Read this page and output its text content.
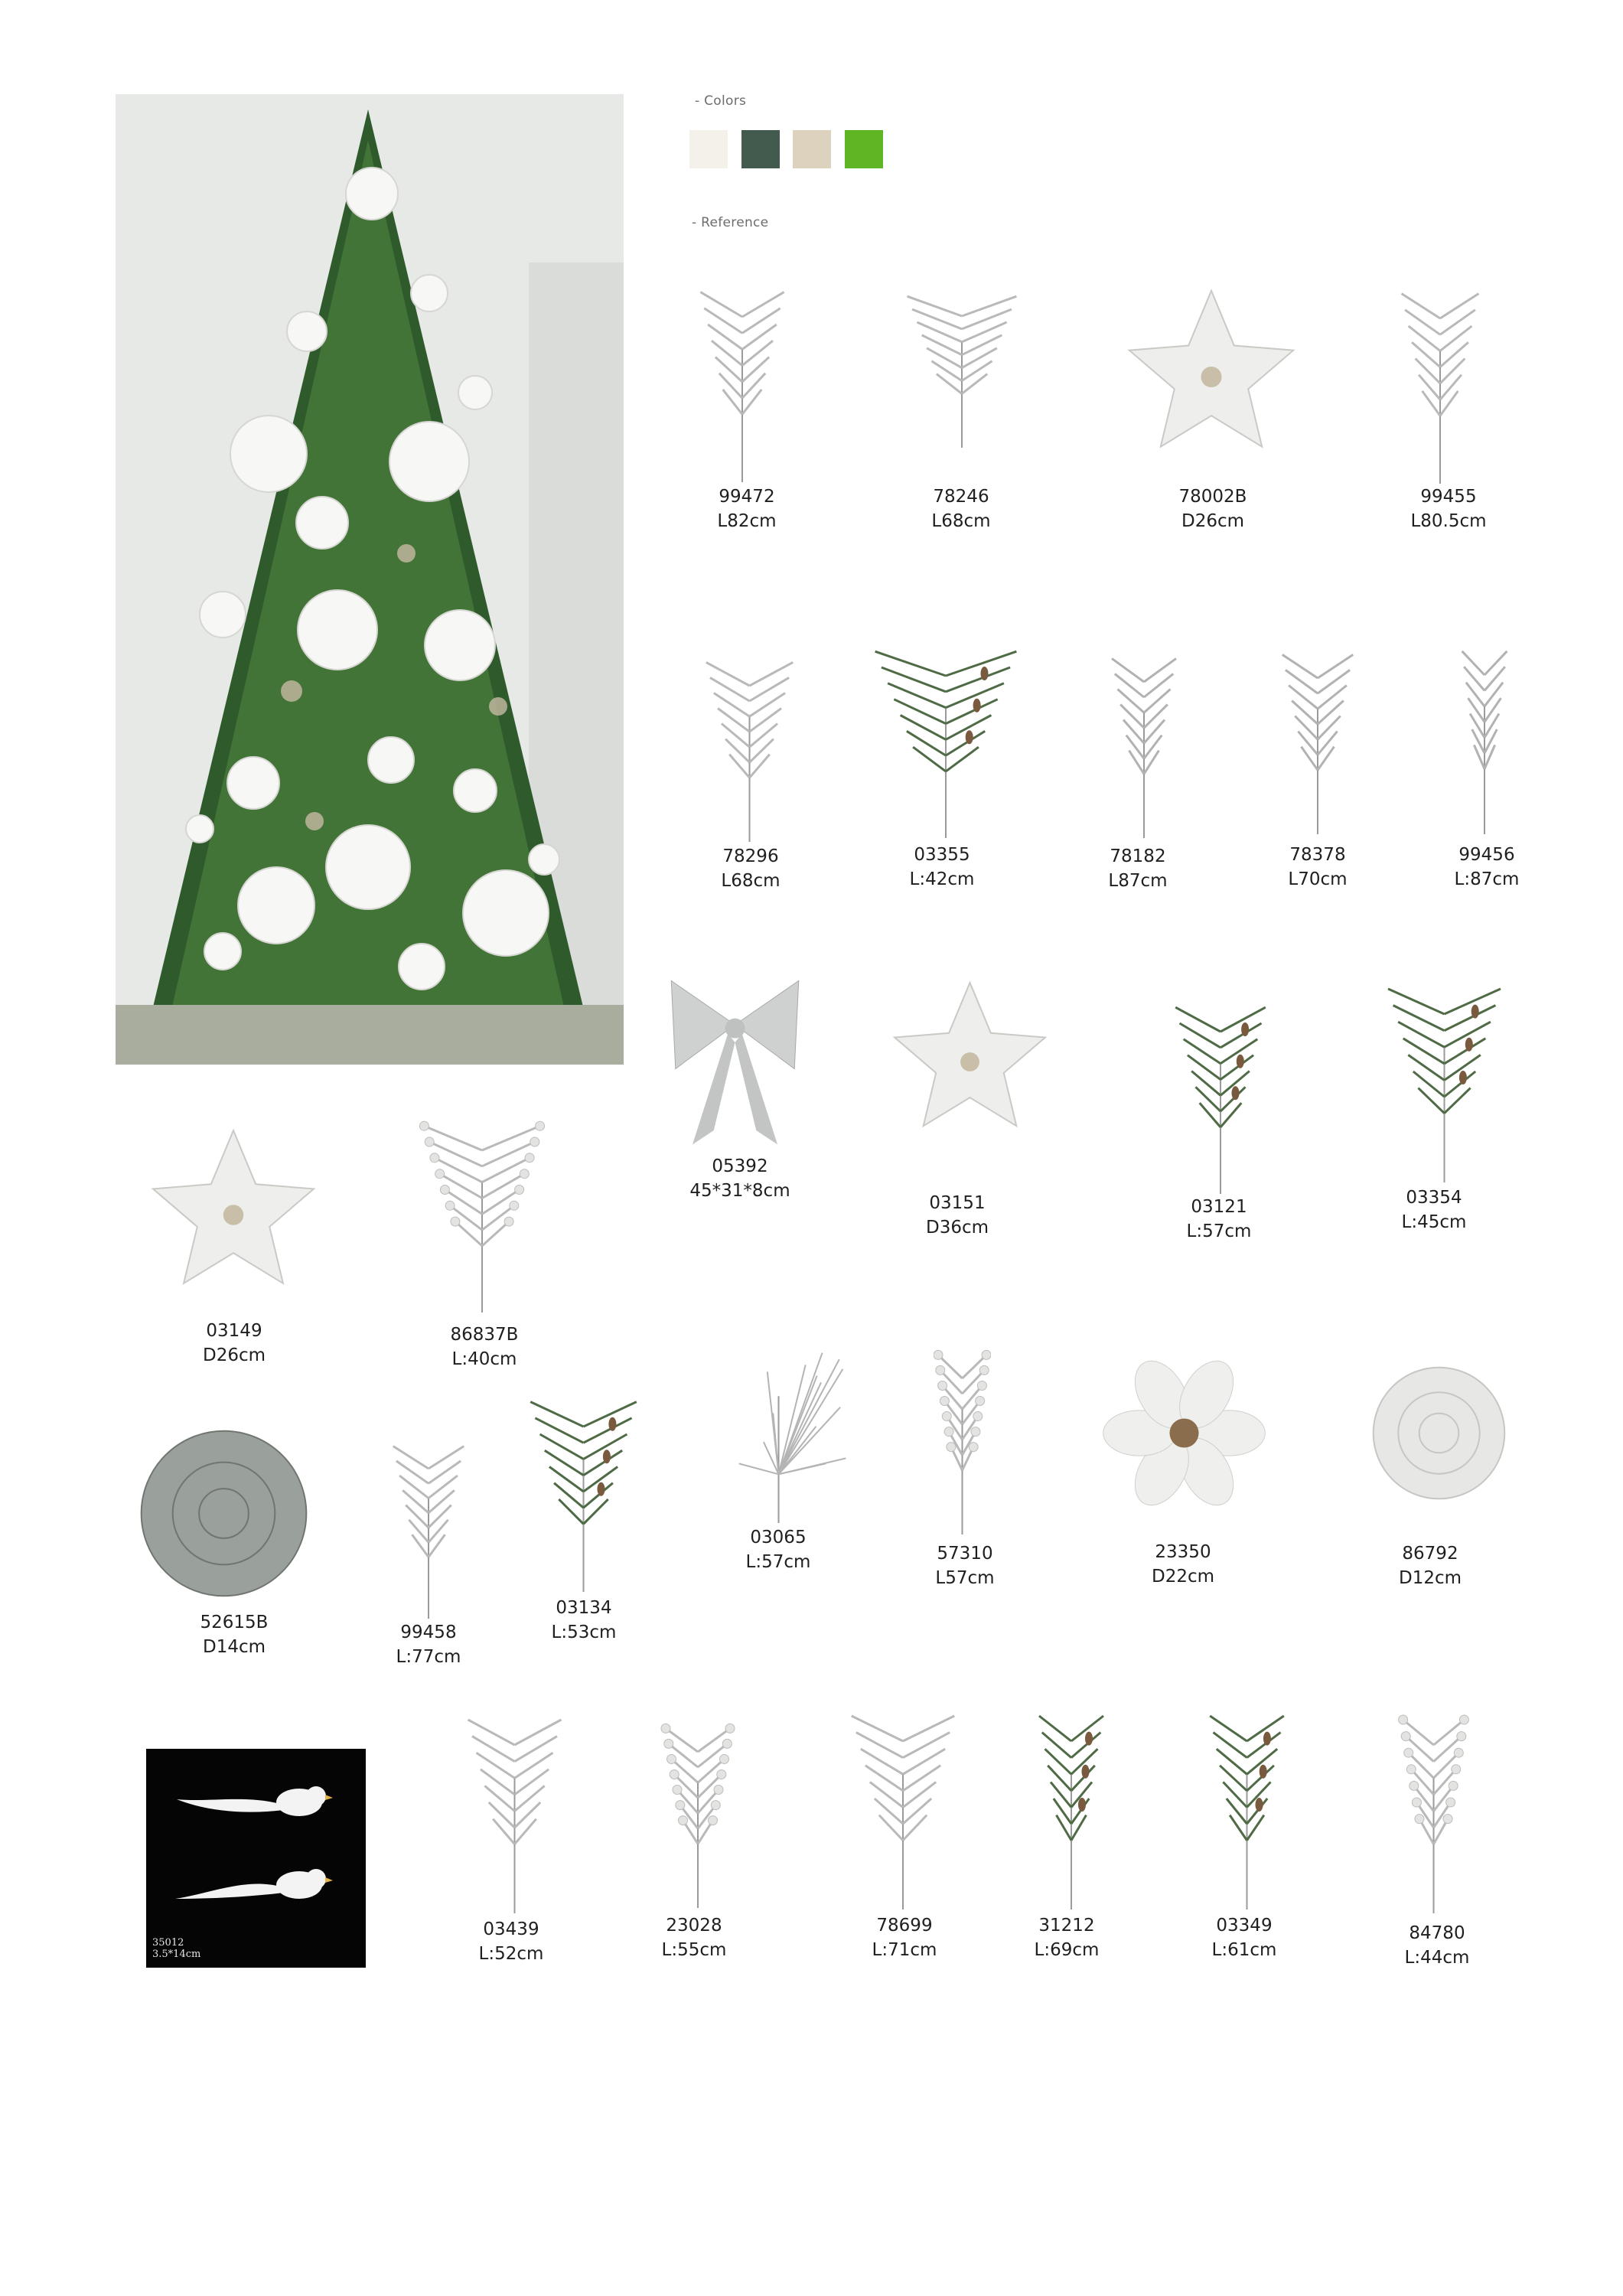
- Colors
- Reference
99472
L82cm
78246
L68cm
78002B
D26cm
99455
L80.5cm
78296
L68cm
03355
L:42cm
78182
L87cm
78378
L70cm
99456
L:87cm
05392
45*31*8cm
03151
D36cm
03121
L:57cm
03354
L:45cm
03149
D26cm
86837B
L:40cm
03065
L:57cm	57310
L57cm
23350
D22cm
86792
D12cm
52615B
D14cm
99458
L:77cm
03134
L:53cm
03439
L:52cm
23028
L:55cm
78699
L:71cm
31212
L:69cm
03349
L:61cm
84780
L:44cm
35012
3.5*14cm
